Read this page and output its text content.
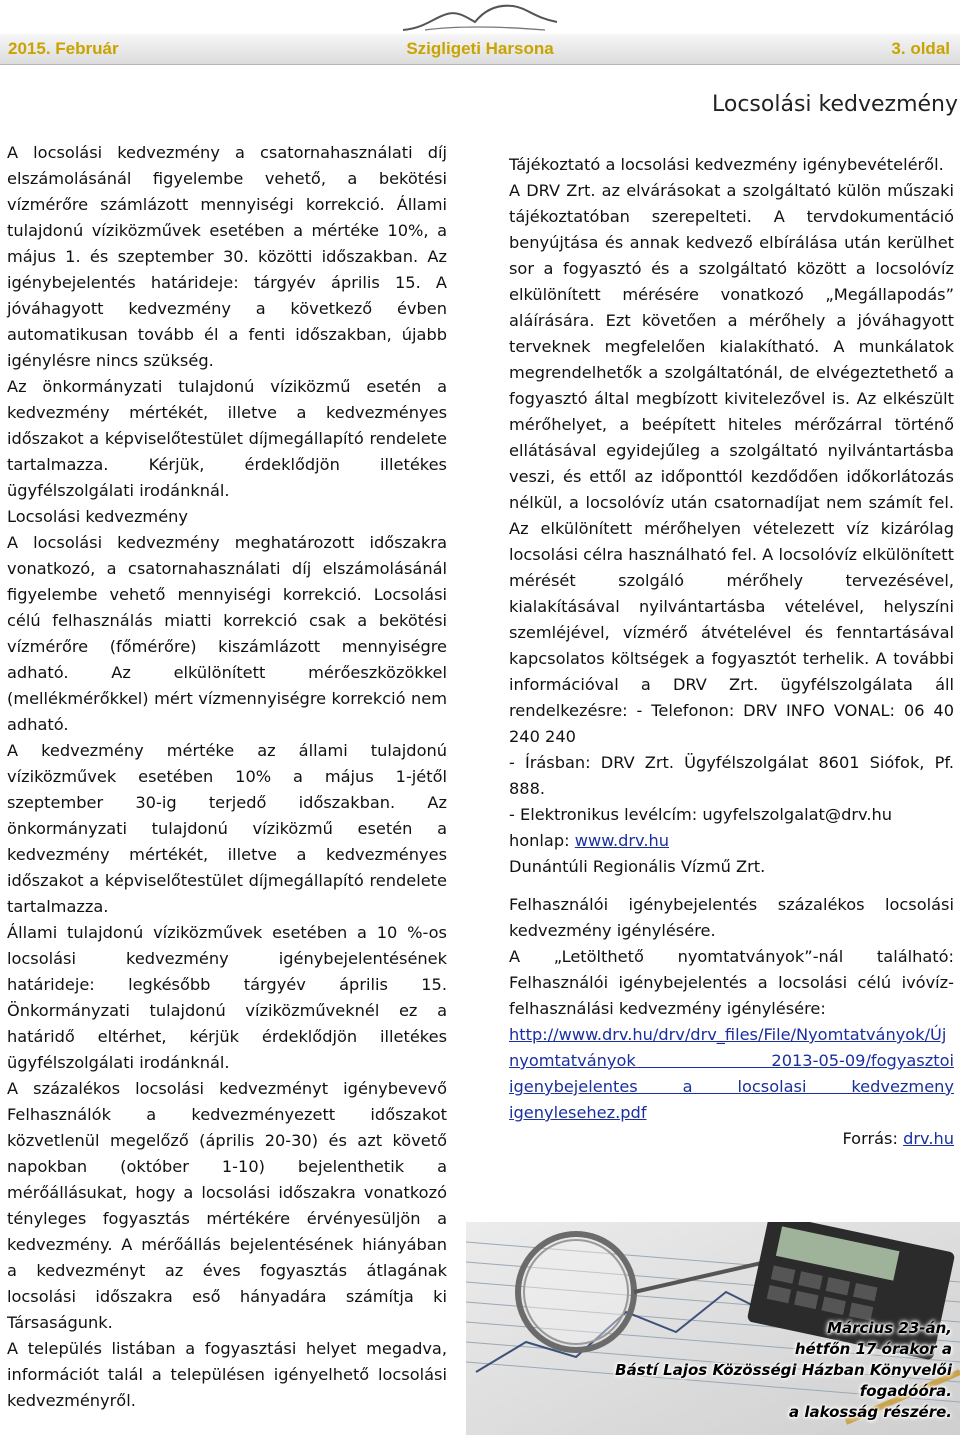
Szigligeti Harsona
2015. Február	3. oldal
Locsolási kedvezmény

A locsolási kedvezmény a csatornahasználati díj elszámolásánál figyelembe vehető, a bekötési vízmérőre számlázott mennyiségi korrekció. Állami tulajdonú víziközművek esetében a mértéke 10%, a május 1. és szeptember 30. közötti időszakban. Az igénybejelentés határideje: tárgyév április 15. A jóváhagyott kedvezmény a következő évben automatikusan tovább él a fenti időszakban, újabb igénylésre nincs szükség.

Az önkormányzati tulajdonú víziközmű esetén a kedvezmény mértékét, illetve a kedvezményes időszakot a képviselőtestület díjmegállapító rendelete tartalmazza. Kérjük, érdeklődjön illetékes ügyfélszolgálati irodánknál.

Locsolási kedvezmény

A locsolási kedvezmény meghatározott időszakra vonatkozó, a csatornahasználati díj elszámolásánál figyelembe vehető mennyiségi korrekció. Locsolási célú felhasználás miatti korrekció csak a bekötési vízmérőre (főmérőre) kiszámlázott mennyiségre adható. Az elkülönített mérőeszközökkel (mellékmérőkkel) mért vízmennyiségre korrekció nem adható.

A kedvezmény mértéke az állami tulajdonú víziközművek esetében 10% a május 1-jétől szeptember 30-ig terjedő időszakban. Az önkormányzati tulajdonú víziközmű esetén a kedvezmény mértékét, illetve a kedvezményes időszakot a képviselőtestület díjmegállapító rendelete tartalmazza.

Állami tulajdonú víziközművek esetében a 10 %-os locsolási kedvezmény igénybejelentésének határideje: legkésőbb tárgyév április 15. Önkormányzati tulajdonú víziközműveknél ez a határidő eltérhet, kérjük érdeklődjön illetékes ügyfélszolgálati irodánknál.

A százalékos locsolási kedvezményt igénybevevő Felhasználók a kedvezményezett időszakot közvetlenül megelőző (április 20-30) és azt követő napokban (október 1-10) bejelenthetik a mérőállásukat, hogy a locsolási időszakra vonatkozó tényleges fogyasztás mértékére érvényesüljön a kedvezmény. A mérőállás bejelentésének hiányában a kedvezményt az éves fogyasztás átlagának locsolási időszakra eső hányadára számítja ki Társaságunk.

A település listában a fogyasztási helyet megadva, információt talál a településen igényelhető locsolási kedvezményről.

Tájékoztató a locsolási kedvezmény igénybevételéről.

A DRV Zrt. az elvárásokat a szolgáltató külön műszaki tájékoztatóban szerepelteti. A tervdokumentáció benyújtása és annak kedvező elbírálása után kerülhet sor a fogyasztó és a szolgáltató között a locsolóvíz elkülönített mérésére vonatkozó „Megállapodás” aláírására. Ezt követően a mérőhely a jóváhagyott terveknek megfelelően kialakítható. A munkálatok megrendelhetők a szolgáltatónál, de elvégeztethető a fogyasztó által megbízott kivitelezővel is. Az elkészült mérőhelyet, a beépített hiteles mérőzárral történő ellátásával egyidejűleg a szolgáltató nyilvántartásba veszi, és ettől az időponttól kezdődően időkorlátozás nélkül, a locsolóvíz után csatornadíjat nem számít fel. Az elkülönített mérőhelyen vételezett víz kizárólag locsolási célra használható fel. A locsolóvíz elkülönített mérését szolgáló mérőhely tervezésével, kialakításával nyilvántartásba vételével, helyszíni szemléjével, vízmérő átvételével és fenntartásával kapcsolatos költségek a fogyasztót terhelik. A további információval a DRV Zrt. ügyfélszolgálata áll rendelkezésre: - Telefonon: DRV INFO VONAL: 06 40 240 240

- Írásban: DRV Zrt. Ügyfélszolgálat 8601 Siófok, Pf. 888.

- Elektronikus levélcím: ugyfelszolgalat@drv.hu

honlap: www.drv.hu

Dunántúli Regionális Vízmű Zrt.

Felhasználói igénybejelentés százalékos locsolási kedvezmény igénylésére.

A „Letölthető nyomtatványok”-nál található: Felhasználói igénybejelentés a locsolási célú ivóvíz-felhasználási kedvezmény igénylésére:

http://www.drv.hu/drv/drv_files/File/Nyomtatványok/Új nyomtatványok 2013-05-09/fogyasztoi igenybejelentes a locsolasi kedvezmeny igenylesehez.pdf

Forrás: drv.hu

Március 23-án,
hétfőn 17 órakor a
Bástí Lajos Közösségi Házban Könyvelői fogadóóra.
a lakosság részére.
